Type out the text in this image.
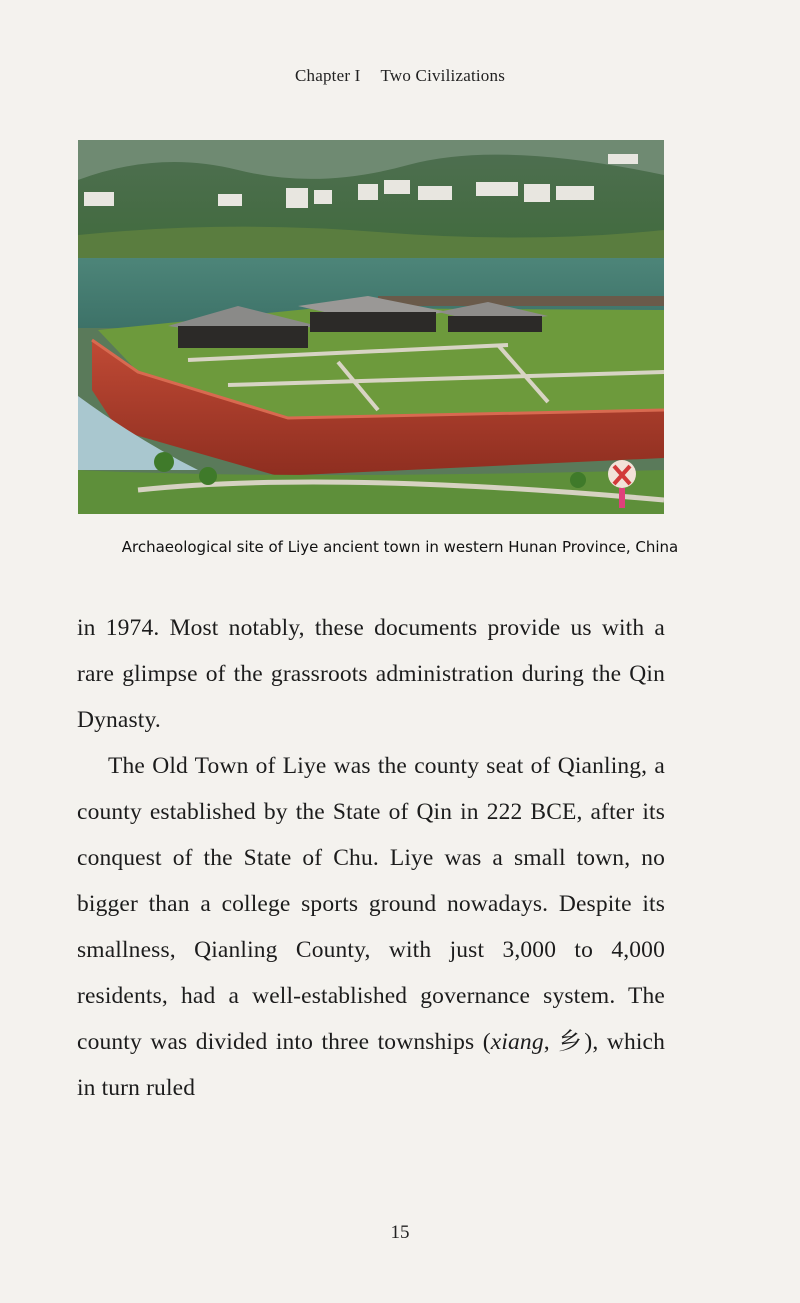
Chapter I Two Civilizations
Archaeological site of Liye ancient town in western Hunan Province, China

in 1974. Most notably, these documents provide us with a rare glimpse of the grassroots administration during the Qin Dynasty.

The Old Town of Liye was the county seat of Qianling, a county established by the State of Qin in 222 BCE, after its conquest of the State of Chu. Liye was a small town, no bigger than a college sports ground nowadays. Despite its smallness, Qianling County, with just 3,000 to 4,000 residents, had a well-established governance system. The county was divided into three townships (xiang, 乡), which in turn ruled

15
